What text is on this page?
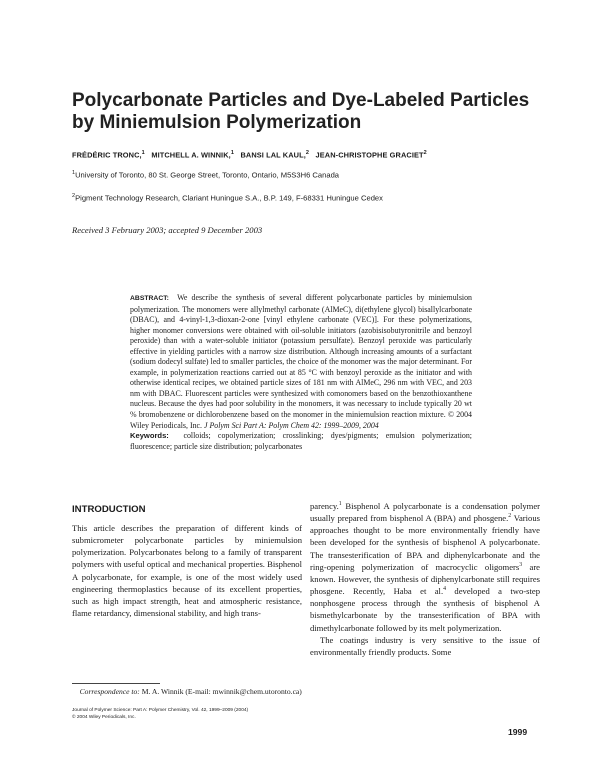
Polycarbonate Particles and Dye-Labeled Particles by Miniemulsion Polymerization
FRÉDÉRIC TRONC,$^1$ MITCHELL A. WINNIK,$^1$ BANSI LAL KAUL,$^2$ JEAN-CHRISTOPHE GRACIET$^2$
$^1$University of Toronto, 80 St. George Street, Toronto, Ontario, M5S3H6 Canada
$^2$Pigment Technology Research, Clariant Huningue S.A., B.P. 149, F-68331 Huningue Cedex
Received 3 February 2003; accepted 9 December 2003

ABSTRACT: We describe the synthesis of several different polycarbonate particles by miniemulsion polymerization. The monomers were allylmethyl carbonate (AlMeC), di(ethylene glycol) bisallylcarbonate (DBAC), and 4-vinyl-1,3-dioxan-2-one [vinyl ethylene carbonate (VEC)]. For these polymerizations, higher monomer conversions were obtained with oil-soluble initiators (azobisisobutyronitrile and benzoyl peroxide) than with a water-soluble initiator (potassium persulfate). Benzoyl peroxide was particularly effective in yielding particles with a narrow size distribution. Although increasing amounts of a surfactant (sodium dodecyl sulfate) led to smaller particles, the choice of the monomer was the major determinant. For example, in polymerization reactions carried out at 85 °C with benzoyl peroxide as the initiator and with otherwise identical recipes, we obtained particle sizes of 181 nm with AlMeC, 296 nm with VEC, and 203 nm with DBAC. Fluorescent particles were synthesized with comonomers based on the benzothioxanthene nucleus. Because the dyes had poor solubility in the monomers, it was necessary to include typically 20 wt % bromobenzene or dichlorobenzene based on the monomer in the miniemulsion reaction mixture. © 2004 Wiley Periodicals, Inc. J Polym Sci Part A: Polym Chem 42: 1999–2009, 2004
Keywords: colloids; copolymerization; crosslinking; dyes/pigments; emulsion polymerization; fluorescence; particle size distribution; polycarbonates

INTRODUCTION

This article describes the preparation of different kinds of submicrometer polycarbonate particles by miniemulsion polymerization. Polycarbonates belong to a family of transparent polymers with useful optical and mechanical properties. Bisphenol A polycarbonate, for example, is one of the most widely used engineering thermoplastics because of its excellent properties, such as high impact strength, heat and atmospheric resistance, flame retardancy, dimensional stability, and high trans-

parency.$^1$ Bisphenol A polycarbonate is a condensation polymer usually prepared from bisphenol A (BPA) and phosgene.$^2$ Various approaches thought to be more environmentally friendly have been developed for the synthesis of bisphenol A polycarbonate. The transesterification of BPA and diphenylcarbonate and the ring-opening polymerization of macrocyclic oligomers$^3$ are known. However, the synthesis of diphenylcarbonate still requires phosgene. Recently, Haba et al.$^4$ developed a two-step nonphosgene process through the synthesis of bisphenol A bismethylcarbonate by the transesterification of BPA with dimethylcarbonate followed by its melt polymerization.

The coatings industry is very sensitive to the issue of environmentally friendly products. Some

Correspondence to: M. A. Winnik (E-mail: mwinnik@chem.utoronto.ca)

Journal of Polymer Science: Part A: Polymer Chemistry, Vol. 42, 1999–2009 (2004)
© 2004 Wiley Periodicals, Inc.
1999
